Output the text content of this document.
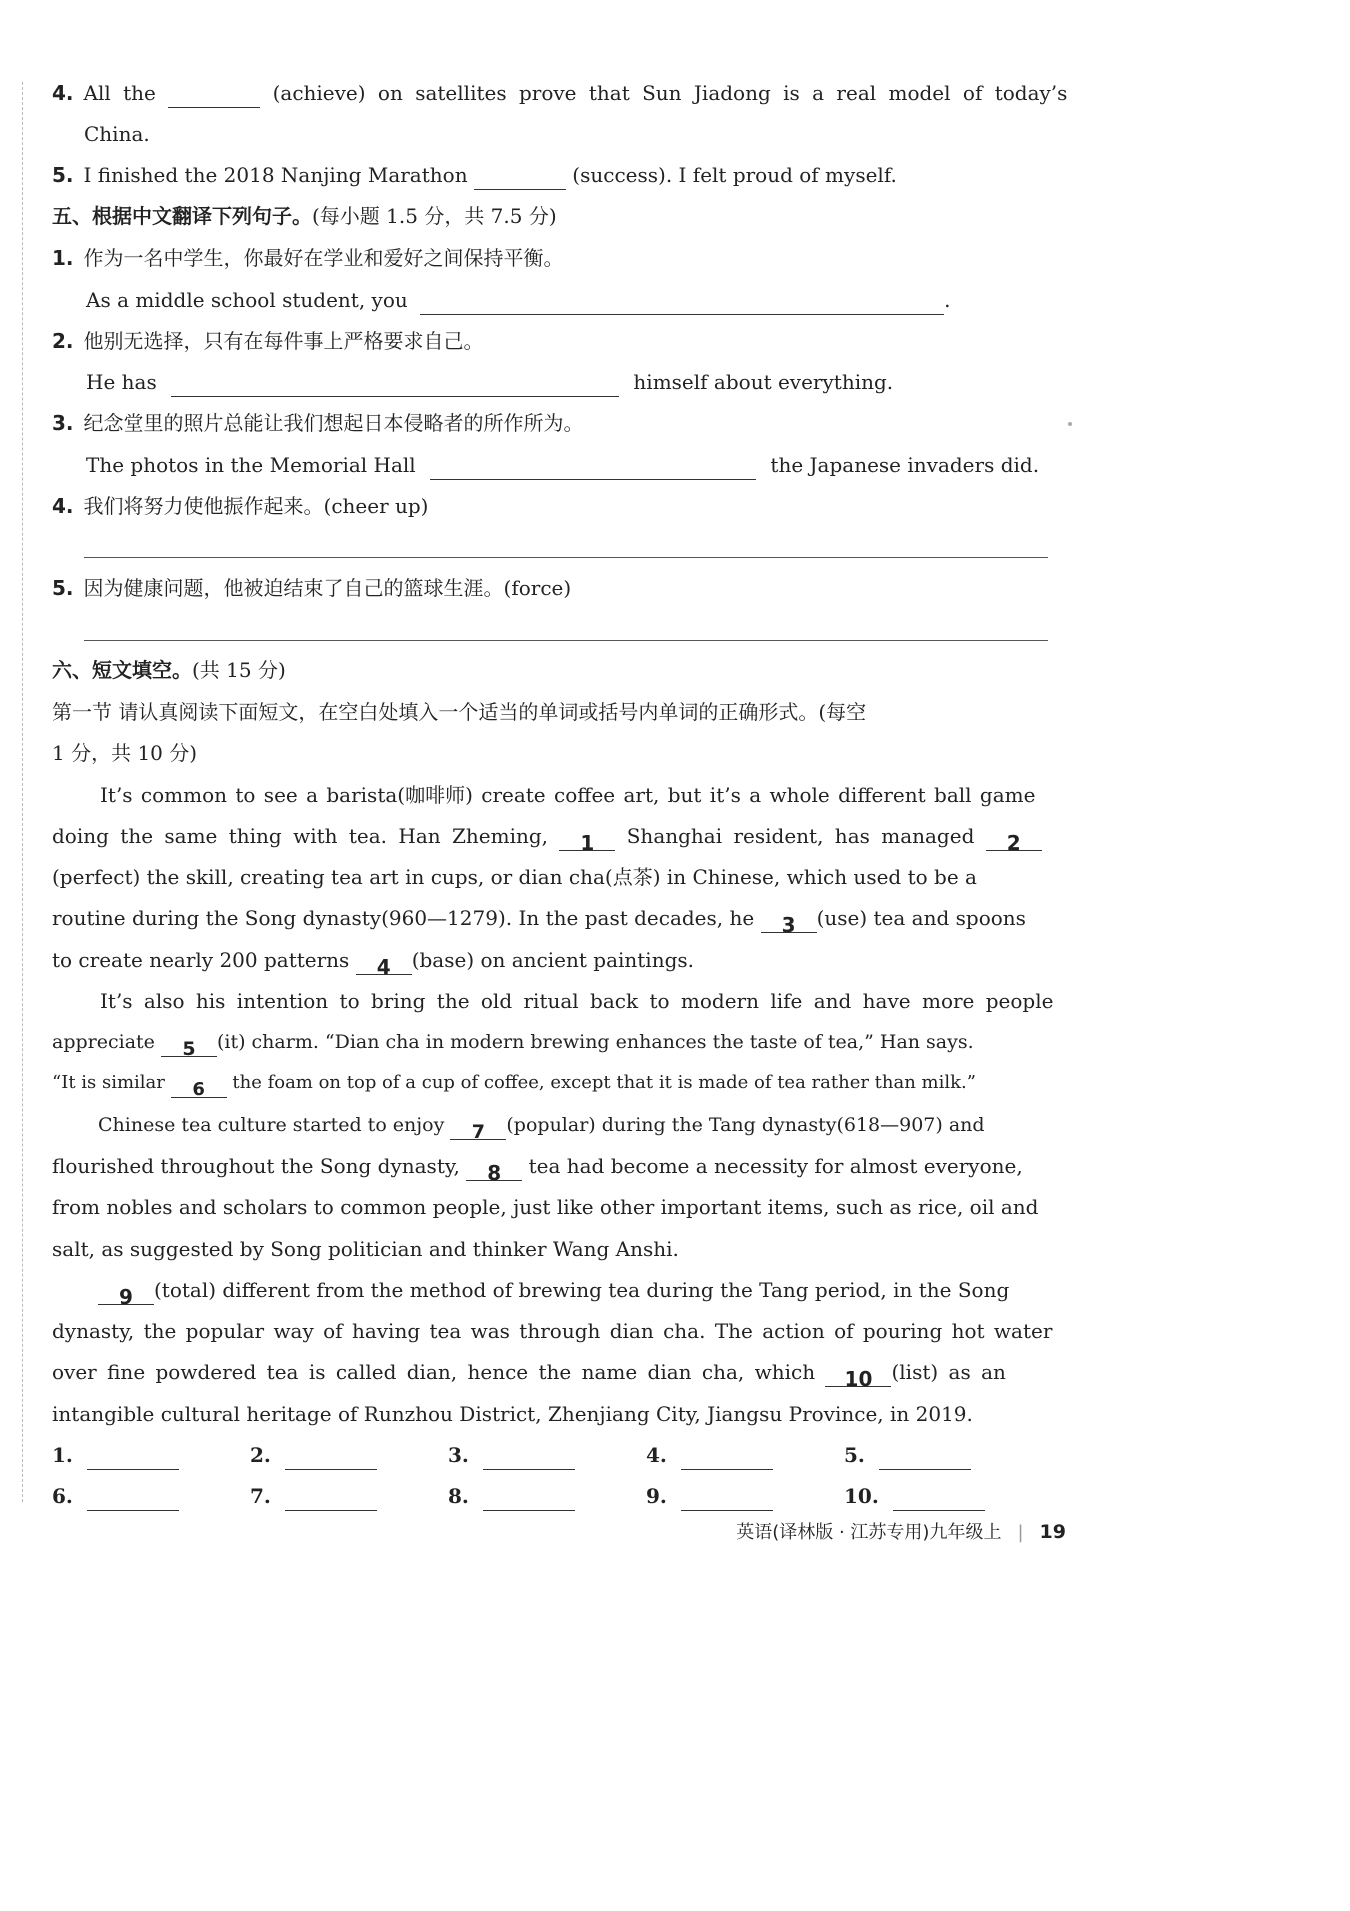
4. All the	(achieve) on satellites prove that Sun Jiadong is a real model of today’s
China.
5. I finished the 2018 Nanjing Marathon	(success). I felt proud of myself.
五、根据中文翻译下列句子。(每小题 1.5 分，共 7.5 分)
1. 作为一名中学生，你最好在学业和爱好之间保持平衡。
As a middle school student, you	.
2. 他别无选择，只有在每件事上严格要求自己。
He has	himself about everything.
3. 纪念堂里的照片总能让我们想起日本侵略者的所作所为。
The photos in the Memorial Hall	the Japanese invaders did.
4. 我们将努力使他振作起来。(cheer up)
5. 因为健康问题，他被迫结束了自己的篮球生涯。(force)
六、短文填空。(共 15 分)
第一节 请认真阅读下面短文，在空白处填入一个适当的单词或括号内单词的正确形式。(每空
1 分，共 10 分)
It’s common to see a barista(咖啡师) create coffee art, but it’s a whole different ball game
doing the same thing with tea. Han Zheming, 1 Shanghai resident, has managed 2
(perfect) the skill, creating tea art in cups, or dian cha(点茶) in Chinese, which used to be a
routine during the Song dynasty(960—1279). In the past decades, he 3 (use) tea and spoons
to create nearly 200 patterns 4 (base) on ancient paintings.
It’s also his intention to bring the old ritual back to modern life and have more people
appreciate 5 (it) charm. “Dian cha in modern brewing enhances the taste of tea,” Han says.
“It is similar 6 the foam on top of a cup of coffee, except that it is made of tea rather than milk.”
Chinese tea culture started to enjoy 7 (popular) during the Tang dynasty(618—907) and
flourished throughout the Song dynasty, 8 tea had become a necessity for almost everyone,
from nobles and scholars to common people, just like other important items, such as rice, oil and
salt, as suggested by Song politician and thinker Wang Anshi.
9 (total) different from the method of brewing tea during the Tang period, in the Song
dynasty, the popular way of having tea was through dian cha. The action of pouring hot water
over fine powdered tea is called dian, hence the name dian cha, which 10 (list) as an
intangible cultural heritage of Runzhou District, Zhenjiang City, Jiangsu Province, in 2019.
1.	2.	3.	4.	5.
6.	7.	8.	9.	10.
英语(译林版 · 江苏专用)九年级上 | 19
